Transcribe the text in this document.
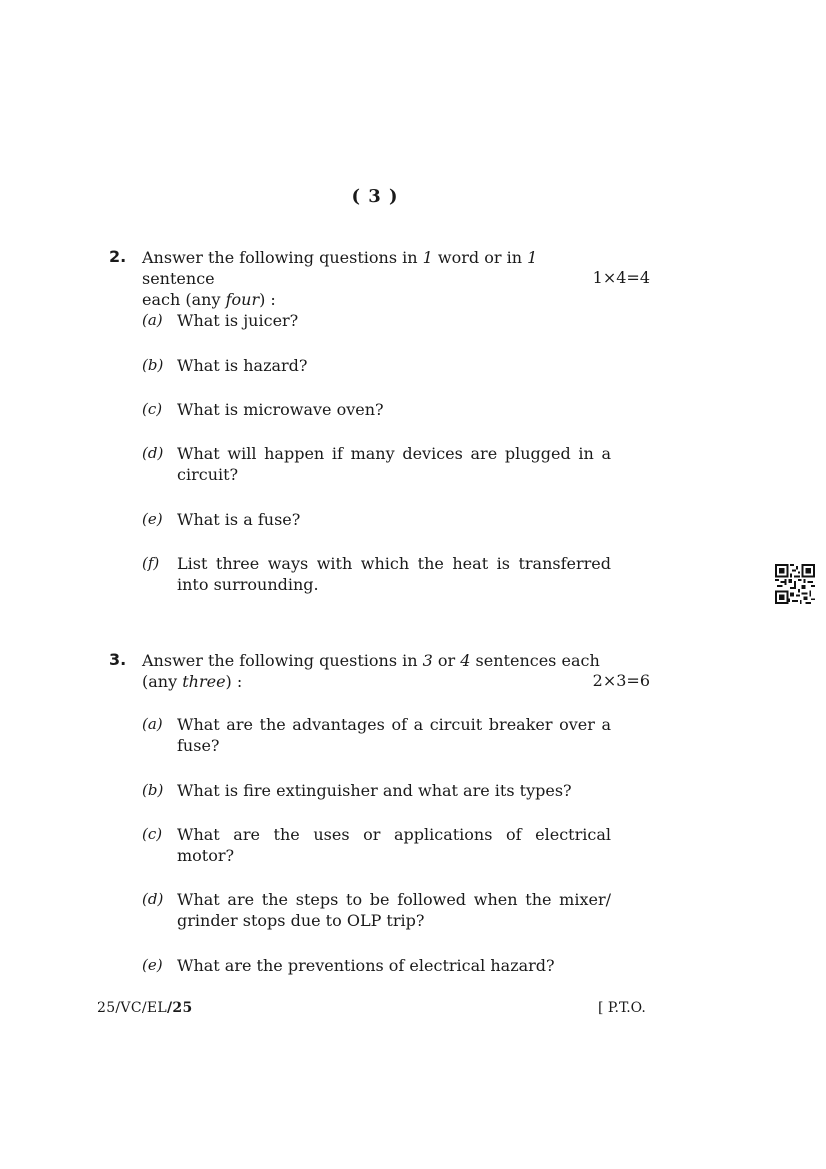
( 3 )
2. Answer the following questions in 1 word or in 1 sentence
each (any four) :
1×4=4
(a) What is juicer?
(b) What is hazard?
(c) What is microwave oven?
(d) What will happen if many devices are plugged in a circuit?
(e) What is a fuse?
(f) List three ways with which the heat is transferred into surrounding.
3. Answer the following questions in 3 or 4 sentences each
(any three) :	2×3=6
(a) What are the advantages of a circuit breaker over a fuse?
(b) What is fire extinguisher and what are its types?
(c) What are the uses or applications of electrical motor?
(d) What are the steps to be followed when the mixer/ grinder stops due to OLP trip?
(e) What are the preventions of electrical hazard?
25/VC/EL/25	[ P.T.O.
